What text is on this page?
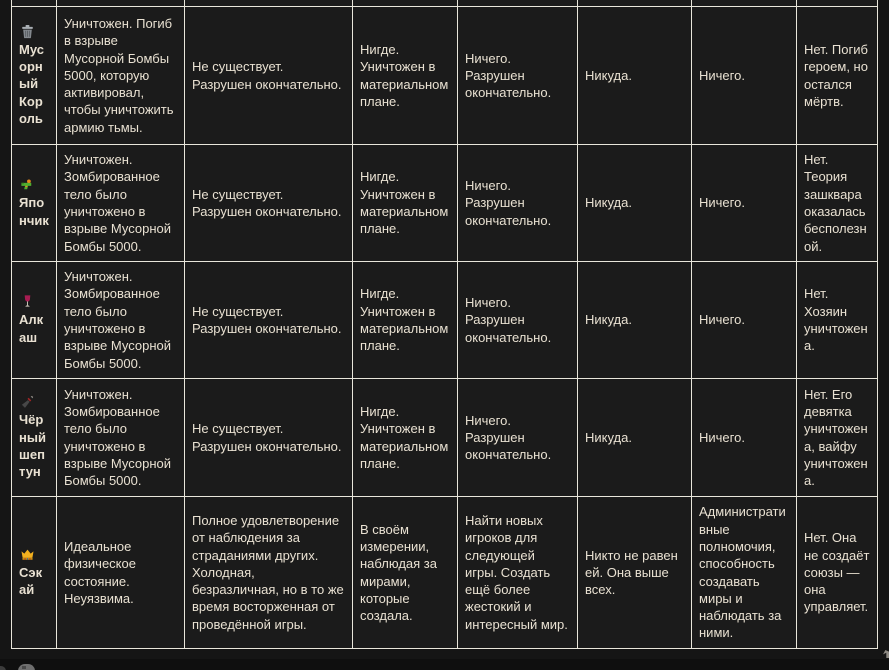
Мусорный Король	Уничтожен. Погиб в взрыве Мусорной Бомбы 5000, которую активировал, чтобы уничтожить армию тьмы.	Не существует. Разрушен окончательно.	Нигде. Уничтожен в материальном плане.	Ничего. Разрушен окончательно.	Никуда.	Ничего.	Нет. Погиб героем, но остался мёртв.

Япончик	Уничтожен. Зомбированное тело было уничтожено в взрыве Мусорной Бомбы 5000.	Не существует. Разрушен окончательно.	Нигде. Уничтожен в материальном плане.	Ничего. Разрушен окончательно.	Никуда.	Ничего.	Нет. Теория зашквара оказалась бесполезной.

Алкаш	Уничтожен. Зомбированное тело было уничтожено в взрыве Мусорной Бомбы 5000.	Не существует. Разрушен окончательно.	Нигде. Уничтожен в материальном плане.	Ничего. Разрушен окончательно.	Никуда.	Ничего.	Нет. Хозяин уничтожена.

Чёрный шептун	Уничтожен. Зомбированное тело было уничтожено в взрыве Мусорной Бомбы 5000.	Не существует. Разрушен окончательно.	Нигде. Уничтожен в материальном плане.	Ничего. Разрушен окончательно.	Никуда.	Ничего.	Нет. Его девятка уничтожена, вайфу уничтожена.

Сэкай	Идеальное физическое состояние. Неуязвима.	Полное удовлетворение от наблюдения за страданиями других. Холодная, безразличная, но в то же время восторженная от проведённой игры.	В своём измерении, наблюдая за мирами, которые создала.	Найти новых игроков для следующей игры. Создать ещё более жестокий и интересный мир.	Никто не равен ей. Она выше всех.	Административные полномочия, способность создавать миры и наблюдать за ними.	Нет. Она не создаёт союзы — она управляет.
